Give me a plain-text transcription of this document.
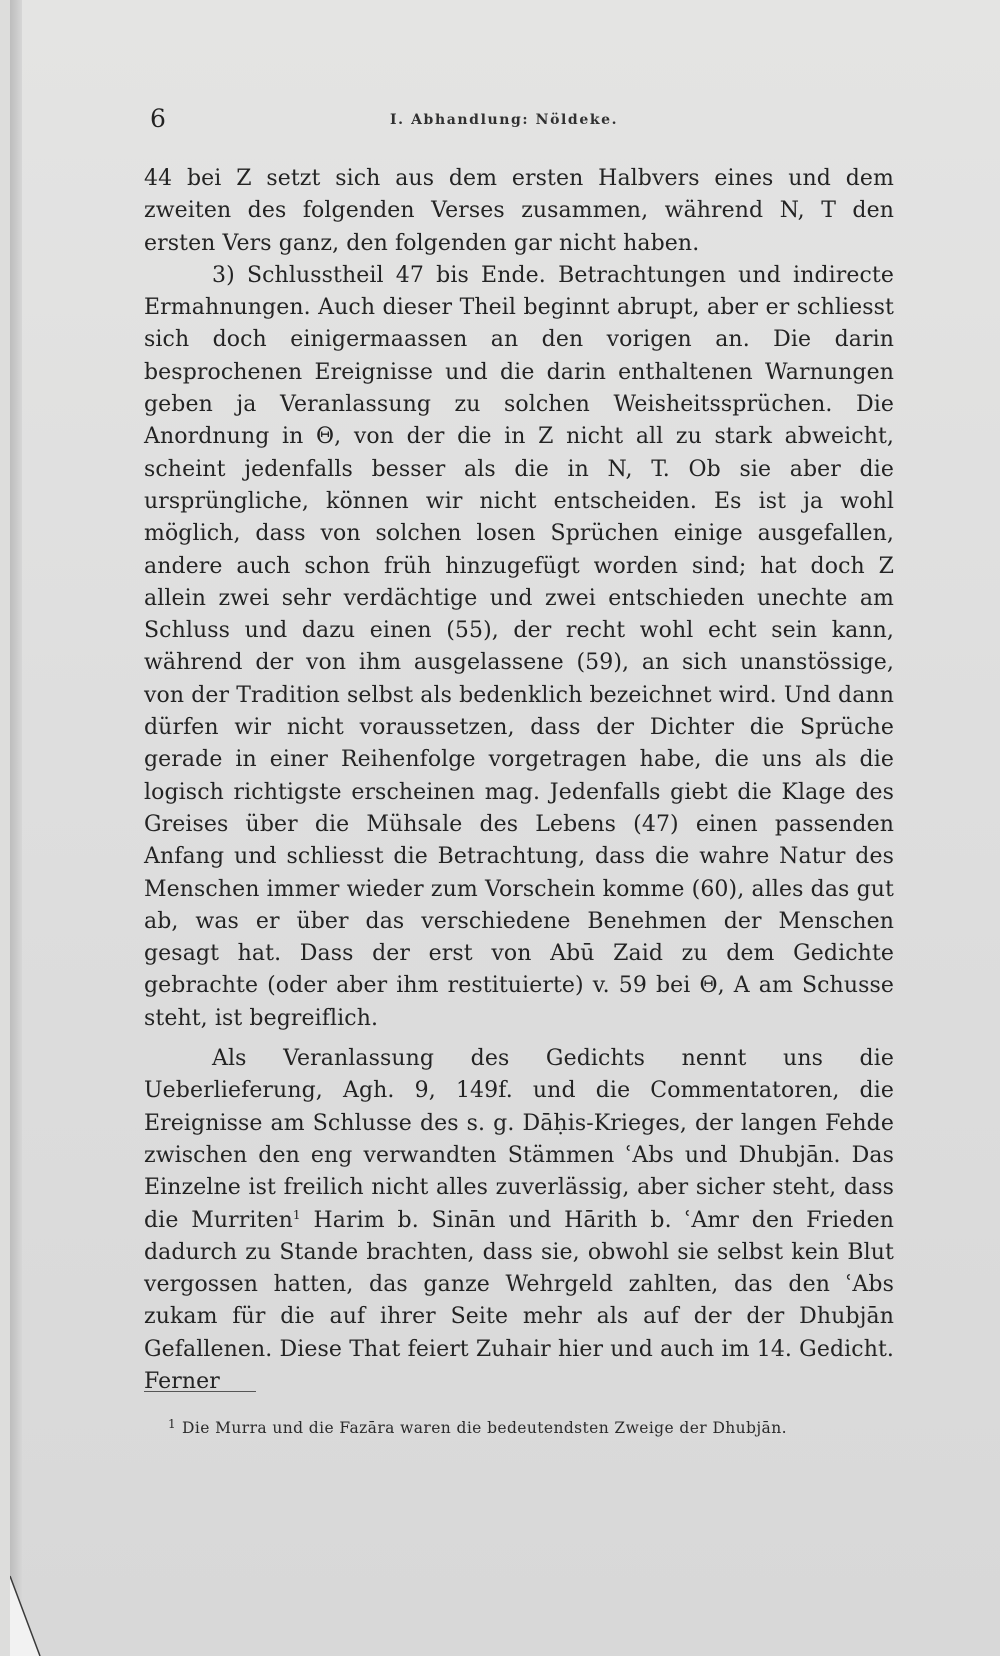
6	I. Abhandlung: Nöldeke.

44 bei Z setzt sich aus dem ersten Halbvers eines und dem zweiten des folgenden Verses zusammen, während N, T den ersten Vers ganz, den folgenden gar nicht haben.

3) Schlusstheil 47 bis Ende. Betrachtungen und indirecte Ermahnungen. Auch dieser Theil beginnt abrupt, aber er schliesst sich doch einigermaassen an den vorigen an. Die darin besprochenen Ereignisse und die darin enthaltenen Warnungen geben ja Veranlassung zu solchen Weisheitssprüchen. Die Anordnung in Θ, von der die in Z nicht all zu stark abweicht, scheint jedenfalls besser als die in N, T. Ob sie aber die ursprüngliche, können wir nicht entscheiden. Es ist ja wohl möglich, dass von solchen losen Sprüchen einige ausgefallen, andere auch schon früh hinzugefügt worden sind; hat doch Z allein zwei sehr verdächtige und zwei entschieden unechte am Schluss und dazu einen (55), der recht wohl echt sein kann, während der von ihm ausgelassene (59), an sich unanstössige, von der Tradition selbst als bedenklich bezeichnet wird. Und dann dürfen wir nicht voraussetzen, dass der Dichter die Sprüche gerade in einer Reihenfolge vorgetragen habe, die uns als die logisch richtigste erscheinen mag. Jedenfalls giebt die Klage des Greises über die Mühsale des Lebens (47) einen passenden Anfang und schliesst die Betrachtung, dass die wahre Natur des Menschen immer wieder zum Vorschein komme (60), alles das gut ab, was er über das verschiedene Benehmen der Menschen gesagt hat. Dass der erst von Abū Zaid zu dem Gedichte gebrachte (oder aber ihm restituierte) v. 59 bei Θ, A am Schusse steht, ist begreiflich.

Als Veranlassung des Gedichts nennt uns die Ueberlieferung, Agh. 9, 149f. und die Commentatoren, die Ereignisse am Schlusse des s. g. Dāḥis-Krieges, der langen Fehde zwischen den eng verwandten Stämmen ʿAbs und Dhubjān. Das Einzelne ist freilich nicht alles zuverlässig, aber sicher steht, dass die Murriten$^1$ Harim b. Sinān und Hārith b. ʿAmr den Frieden dadurch zu Stande brachten, dass sie, obwohl sie selbst kein Blut vergossen hatten, das ganze Wehrgeld zahlten, das den ʿAbs zukam für die auf ihrer Seite mehr als auf der der Dhubjān Gefallenen. Diese That feiert Zuhair hier und auch im 14. Gedicht. Ferner

$^1$ Die Murra und die Fazāra waren die bedeutendsten Zweige der Dhubjān.
